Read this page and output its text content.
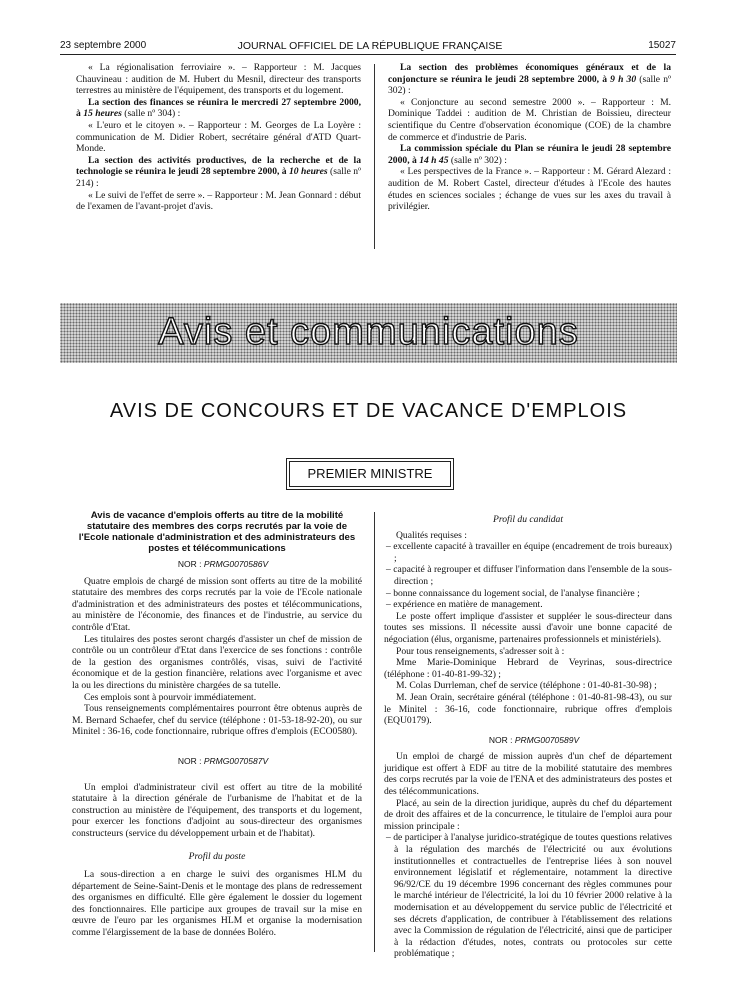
23 septembre 2000	JOURNAL OFFICIEL DE LA RÉPUBLIQUE FRANÇAISE	15027

« La régionalisation ferroviaire ». – Rapporteur : M. Jacques Chauvineau : audition de M. Hubert du Mesnil, directeur des transports terrestres au ministère de l'équipement, des transports et du logement.

La section des finances se réunira le mercredi 27 septembre 2000, à 15 heures (salle nº 304) :

« L'euro et le citoyen ». – Rapporteur : M. Georges de La Loyère : communication de M. Didier Robert, secrétaire général d'ATD Quart-Monde.

La section des activités productives, de la recherche et de la technologie se réunira le jeudi 28 septembre 2000, à 10 heures (salle nº 214) :

« Le suivi de l'effet de serre ». – Rapporteur : M. Jean Gonnard : début de l'examen de l'avant-projet d'avis.

La section des problèmes économiques généraux et de la conjoncture se réunira le jeudi 28 septembre 2000, à 9 h 30 (salle nº 302) :

« Conjoncture au second semestre 2000 ». – Rapporteur : M. Dominique Taddei : audition de M. Christian de Boissieu, directeur scientifique du Centre d'observation économique (COE) de la chambre de commerce et d'industrie de Paris.

La commission spéciale du Plan se réunira le jeudi 28 septembre 2000, à 14 h 45 (salle nº 302) :

« Les perspectives de la France ». – Rapporteur : M. Gérard Alezard : audition de M. Robert Castel, directeur d'études à l'Ecole des hautes études en sciences sociales ; échange de vues sur les axes du travail à privilégier.

Avis et communications
AVIS DE CONCOURS ET DE VACANCE D'EMPLOIS
PREMIER MINISTRE

Avis de vacance d'emplois offerts au titre de la mobilité statutaire des membres des corps recrutés par la voie de l'Ecole nationale d'administration et des administrateurs des postes et télécommunications

NOR : PRMG0070586V

Quatre emplois de chargé de mission sont offerts au titre de la mobilité statutaire des membres des corps recrutés par la voie de l'Ecole nationale d'administration et des administrateurs des postes et télécommunications, au ministère de l'économie, des finances et de l'industrie, au service du contrôle d'Etat.

Les titulaires des postes seront chargés d'assister un chef de mission de contrôle ou un contrôleur d'Etat dans l'exercice de ses fonctions : contrôle de la gestion des organismes contrôlés, visas, suivi de l'activité économique et de la gestion financière, relations avec l'organisme et avec la ou les directions du ministère chargées de sa tutelle.

Ces emplois sont à pourvoir immédiatement.

Tous renseignements complémentaires pourront être obtenus auprès de M. Bernard Schaefer, chef du service (téléphone : 01-53-18-92-20), ou sur Minitel : 36-16, code fonctionnaire, rubrique offres d'emplois (ECO0580).

NOR : PRMG0070587V

Un emploi d'administrateur civil est offert au titre de la mobilité statutaire à la direction générale de l'urbanisme de l'habitat et de la construction au ministère de l'équipement, des transports et du logement, pour exercer les fonctions d'adjoint au sous-directeur des organismes constructeurs (service du développement urbain et de l'habitat).

Profil du poste

La sous-direction a en charge le suivi des organismes HLM du département de Seine-Saint-Denis et le montage des plans de redressement des organismes en difficulté. Elle gère également le dossier du logement des fonctionnaires. Elle participe aux groupes de travail sur la mise en œuvre de l'euro par les organismes HLM et organise la modernisation comme l'élargissement de la base de données Boléro.

Profil du candidat

Qualités requises :

– excellente capacité à travailler en équipe (encadrement de trois bureaux) ;
– capacité à regrouper et diffuser l'information dans l'ensemble de la sous-direction ;
– bonne connaissance du logement social, de l'analyse financière ;
– expérience en matière de management.

Le poste offert implique d'assister et suppléer le sous-directeur dans toutes ses missions. Il nécessite aussi d'avoir une bonne capacité de négociation (élus, organisme, partenaires professionnels et ministériels).

Pour tous renseignements, s'adresser soit à :

Mme Marie-Dominique Hebrard de Veyrinas, sous-directrice (téléphone : 01-40-81-99-32) ;

M. Colas Durrleman, chef de service (téléphone : 01-40-81-30-98) ;

M. Jean Orain, secrétaire général (téléphone : 01-40-81-98-43), ou sur le Minitel : 36-16, code fonctionnaire, rubrique offres d'emplois (EQU0179).

NOR : PRMG0070589V

Un emploi de chargé de mission auprès d'un chef de département juridique est offert à EDF au titre de la mobilité statutaire des membres des corps recrutés par la voie de l'ENA et des administrateurs des postes et des télécommunications.

Placé, au sein de la direction juridique, auprès du chef du département de droit des affaires et de la concurrence, le titulaire de l'emploi aura pour mission principale :

– de participer à l'analyse juridico-stratégique de toutes questions relatives à la régulation des marchés de l'électricité ou aux évolutions institutionnelles et contractuelles de l'entreprise liées à son nouvel environnement législatif et réglementaire, notamment la directive 96/92/CE du 19 décembre 1996 concernant des règles communes pour le marché intérieur de l'électricité, la loi du 10 février 2000 relative à la modernisation et au développement du service public de l'électricité et ses décrets d'application, de contribuer à l'établissement des relations avec la Commission de régulation de l'électricité, ainsi que de participer à la rédaction d'études, notes, contrats ou protocoles sur cette problématique ;
